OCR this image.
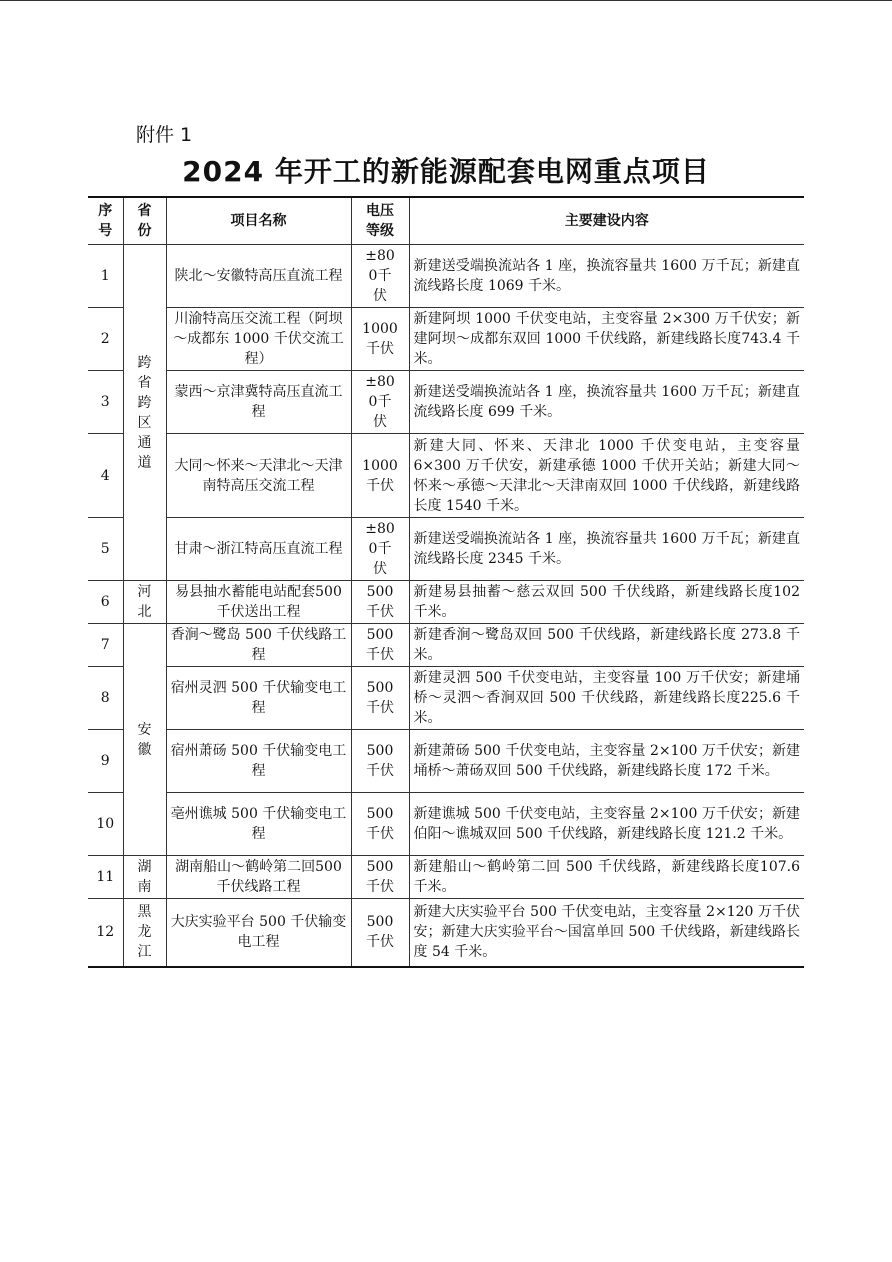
附件 1
2024 年开工的新能源配套电网重点项目
序号	省份	项目名称	电压等级	主要建设内容
1	跨省跨区通道	陕北～安徽特高压直流工程	±800千伏	新建送受端换流站各 1 座，换流容量共 1600 万千瓦；新建直流线路长度 1069 千米。
2		川渝特高压交流工程（阿坝～成都东 1000 千伏交流工程）	1000千伏	新建阿坝 1000 千伏变电站，主变容量 2×300 万千伏安；新建阿坝～成都东双回 1000 千伏线路，新建线路长度743.4 千米。
3		蒙西～京津冀特高压直流工程	±800千伏	新建送受端换流站各 1 座，换流容量共 1600 万千瓦；新建直流线路长度 699 千米。
4		大同～怀来～天津北～天津南特高压交流工程	1000千伏	新建大同、怀来、天津北 1000 千伏变电站，主变容量 6×300 万千伏安，新建承德 1000 千伏开关站；新建大同～怀来～承德～天津北～天津南双回 1000 千伏线路，新建线路长度 1540 千米。
5		甘肃～浙江特高压直流工程	±800千伏	新建送受端换流站各 1 座，换流容量共 1600 万千瓦；新建直流线路长度 2345 千米。
6	河北	易县抽水蓄能电站配套500 千伏送出工程	500千伏	新建易县抽蓄～慈云双回 500 千伏线路，新建线路长度102 千米。
7	安徽	香涧～鹭岛 500 千伏线路工程	500千伏	新建香涧～鹭岛双回 500 千伏线路，新建线路长度 273.8 千米。
8		宿州灵泗 500 千伏输变电工程	500千伏	新建灵泗 500 千伏变电站，主变容量 100 万千伏安；新建埇桥～灵泗～香涧双回 500 千伏线路，新建线路长度225.6 千米。
9		宿州萧砀 500 千伏输变电工程	500千伏	新建萧砀 500 千伏变电站，主变容量 2×100 万千伏安；新建埇桥～萧砀双回 500 千伏线路，新建线路长度 172 千米。
10		亳州谯城 500 千伏输变电工程	500千伏	新建谯城 500 千伏变电站，主变容量 2×100 万千伏安；新建伯阳～谯城双回 500 千伏线路，新建线路长度 121.2 千米。
11	湖南	湖南船山～鹤岭第二回500 千伏线路工程	500千伏	新建船山～鹤岭第二回 500 千伏线路，新建线路长度107.6 千米。
12	黑龙江	大庆实验平台 500 千伏输变电工程	500千伏	新建大庆实验平台 500 千伏变电站，主变容量 2×120 万千伏安；新建大庆实验平台～国富单回 500 千伏线路，新建线路长度 54 千米。
